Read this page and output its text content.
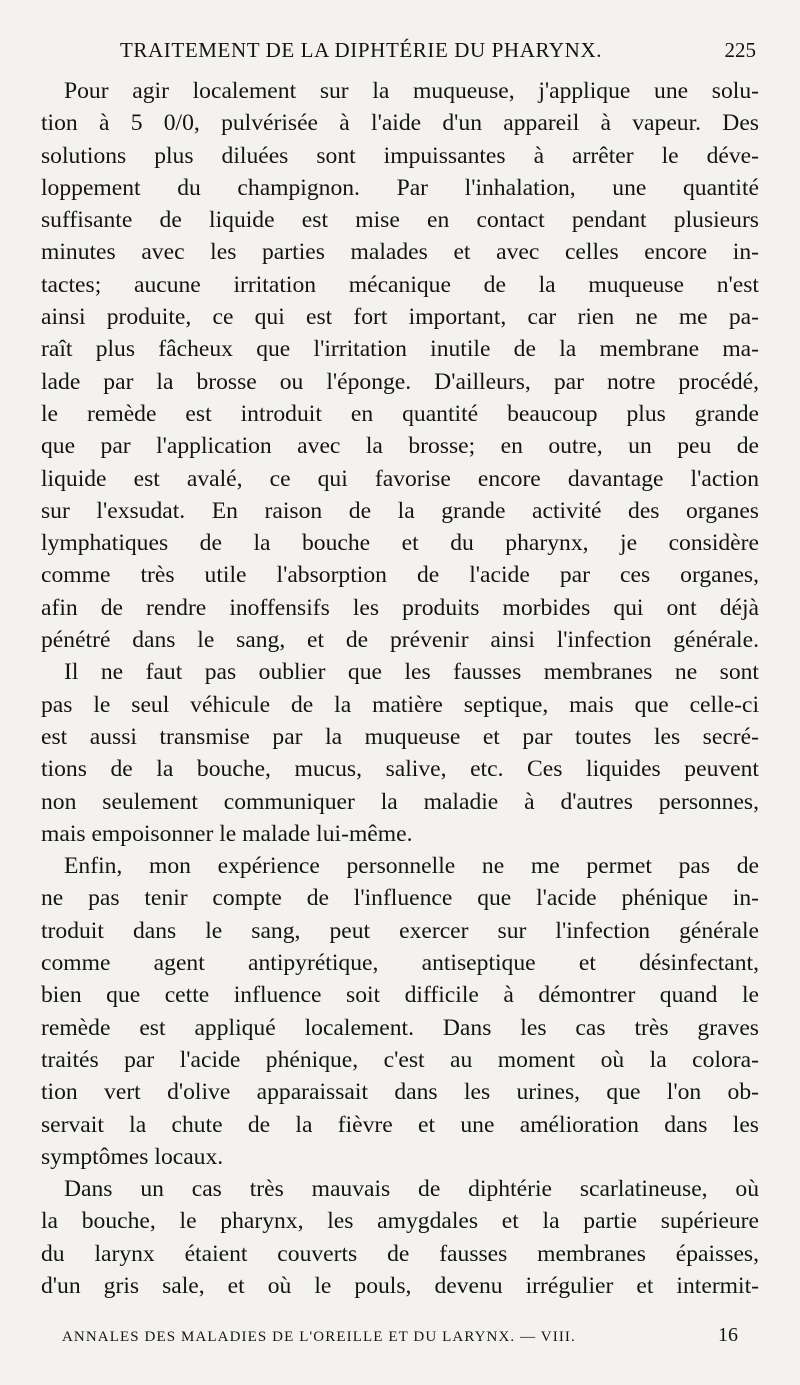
TRAITEMENT DE LA DIPHTÉRIE DU PHARYNX.	225
Pour agir localement sur la muqueuse, j'applique une solu-
tion à 5 0/0, pulvérisée à l'aide d'un appareil à vapeur. Des
solutions plus diluées sont impuissantes à arrêter le déve-
loppement du champignon. Par l'inhalation, une quantité
suffisante de liquide est mise en contact pendant plusieurs
minutes avec les parties malades et avec celles encore in-
tactes; aucune irritation mécanique de la muqueuse n'est
ainsi produite, ce qui est fort important, car rien ne me pa-
raît plus fâcheux que l'irritation inutile de la membrane ma-
lade par la brosse ou l'éponge. D'ailleurs, par notre procédé,
le remède est introduit en quantité beaucoup plus grande
que par l'application avec la brosse; en outre, un peu de
liquide est avalé, ce qui favorise encore davantage l'action
sur l'exsudat. En raison de la grande activité des organes
lymphatiques de la bouche et du pharynx, je considère
comme très utile l'absorption de l'acide par ces organes,
afin de rendre inoffensifs les produits morbides qui ont déjà
pénétré dans le sang, et de prévenir ainsi l'infection générale.
Il ne faut pas oublier que les fausses membranes ne sont
pas le seul véhicule de la matière septique, mais que celle-ci
est aussi transmise par la muqueuse et par toutes les secré-
tions de la bouche, mucus, salive, etc. Ces liquides peuvent
non seulement communiquer la maladie à d'autres personnes,
mais empoisonner le malade lui-même.
Enfin, mon expérience personnelle ne me permet pas de
ne pas tenir compte de l'influence que l'acide phénique in-
troduit dans le sang, peut exercer sur l'infection générale
comme agent antipyrétique, antiseptique et désinfectant,
bien que cette influence soit difficile à démontrer quand le
remède est appliqué localement. Dans les cas très graves
traités par l'acide phénique, c'est au moment où la colora-
tion vert d'olive apparaissait dans les urines, que l'on ob-
servait la chute de la fièvre et une amélioration dans les
symptômes locaux.
Dans un cas très mauvais de diphtérie scarlatineuse, où
la bouche, le pharynx, les amygdales et la partie supérieure
du larynx étaient couverts de fausses membranes épaisses,
d'un gris sale, et où le pouls, devenu irrégulier et intermit-
ANNALES DES MALADIES DE L'OREILLE ET DU LARYNX. — VIII.	16
